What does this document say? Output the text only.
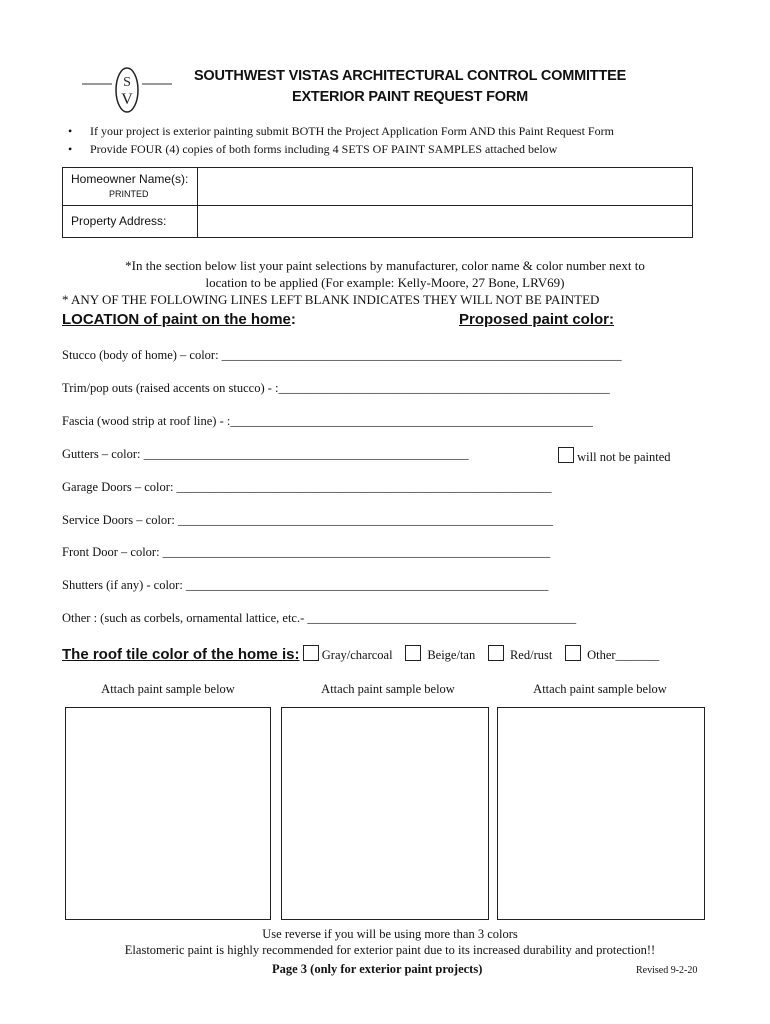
S
V
SOUTHWEST VISTAS ARCHITECTURAL CONTROL COMMITTEE
EXTERIOR PAINT REQUEST FORM
• If your project is exterior painting submit BOTH the Project Application Form AND this Paint Request Form
• Provide FOUR (4) copies of both forms including 4 SETS OF PAINT SAMPLES attached below
Homeowner Name(s):
PRINTED	

Property Address:	
*In the section below list your paint selections by manufacturer, color name & color number next to
location to be applied (For example: Kelly-Moore, 27 Bone, LRV69)
* ANY OF THE FOLLOWING LINES LEFT BLANK INDICATES THEY WILL NOT BE PAINTED
LOCATION of paint on the home:	Proposed paint color:
Stucco (body of home) – color: ________________________________________________________________
Trim/pop outs (raised accents on stucco) - :_____________________________________________________
Fascia (wood strip at roof line) - :__________________________________________________________
Gutters – color: ____________________________________________________	will not be painted
Garage Doors – color: ____________________________________________________________
Service Doors – color: ____________________________________________________________
Front Door – color: ______________________________________________________________
Shutters (if any) - color: __________________________________________________________
Other : (such as corbels, ornamental lattice, etc.- ___________________________________________
The roof tile color of the home is: Gray/charcoal	Beige/tan	Red/rust	Other_______
Attach paint sample below	Attach paint sample below	Attach paint sample below
Use reverse if you will be using more than 3 colors
Elastomeric paint is highly recommended for exterior paint due to its increased durability and protection!!
Page 3 (only for exterior paint projects)	Revised 9-2-20
